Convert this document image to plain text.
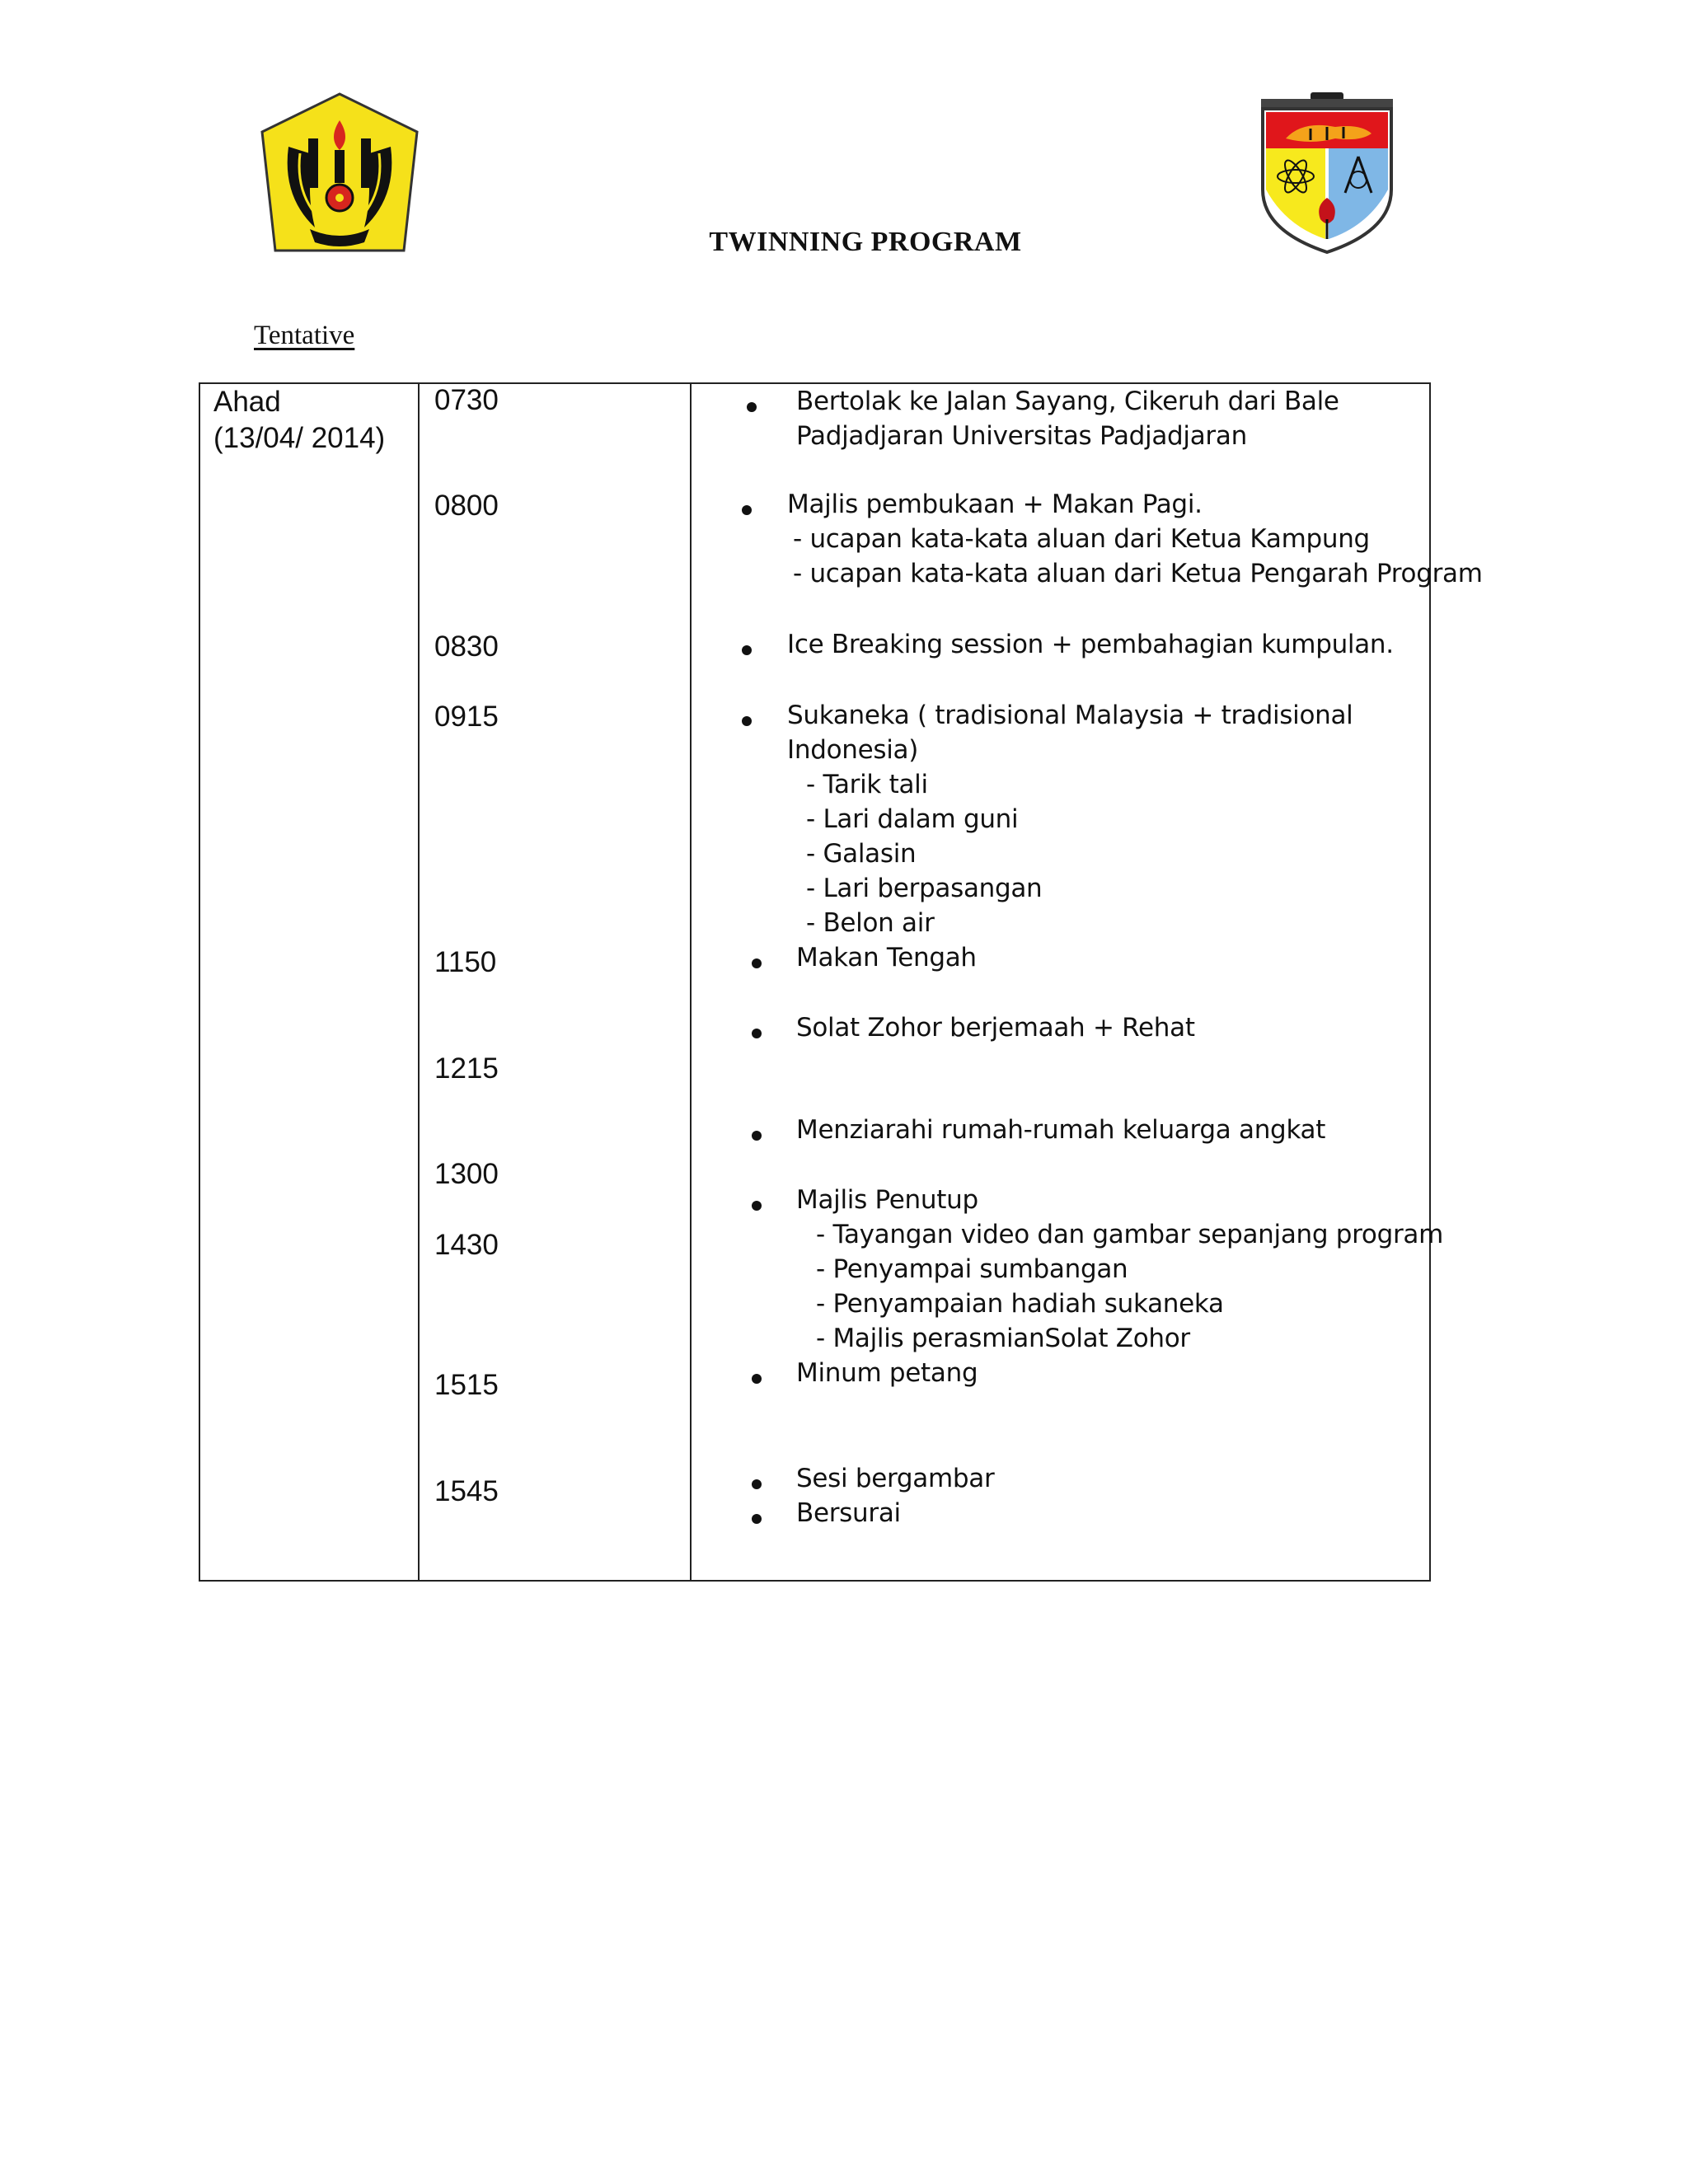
TWINNING PROGRAM
Tentative
Ahad
(13/04/ 2014)
0730
0800
0830
0915
1150
1215
1300
1430
1515
1545
Bertolak ke Jalan Sayang, Cikeruh dari Bale
Padjadjaran Universitas Padjadjaran
Majlis pembukaan + Makan Pagi.
- ucapan kata-kata aluan dari Ketua Kampung
- ucapan kata-kata aluan dari Ketua Pengarah Program
Ice Breaking session + pembahagian kumpulan.
Sukaneka ( tradisional Malaysia + tradisional
Indonesia)
- Tarik tali
- Lari dalam guni
- Galasin
- Lari berpasangan
- Belon air
Makan Tengah
Solat Zohor berjemaah + Rehat
Menziarahi rumah-rumah keluarga angkat
Majlis Penutup
- Tayangan video dan gambar sepanjang program
- Penyampai sumbangan
- Penyampaian hadiah sukaneka
- Majlis perasmianSolat Zohor
Minum petang
Sesi bergambar
Bersurai
